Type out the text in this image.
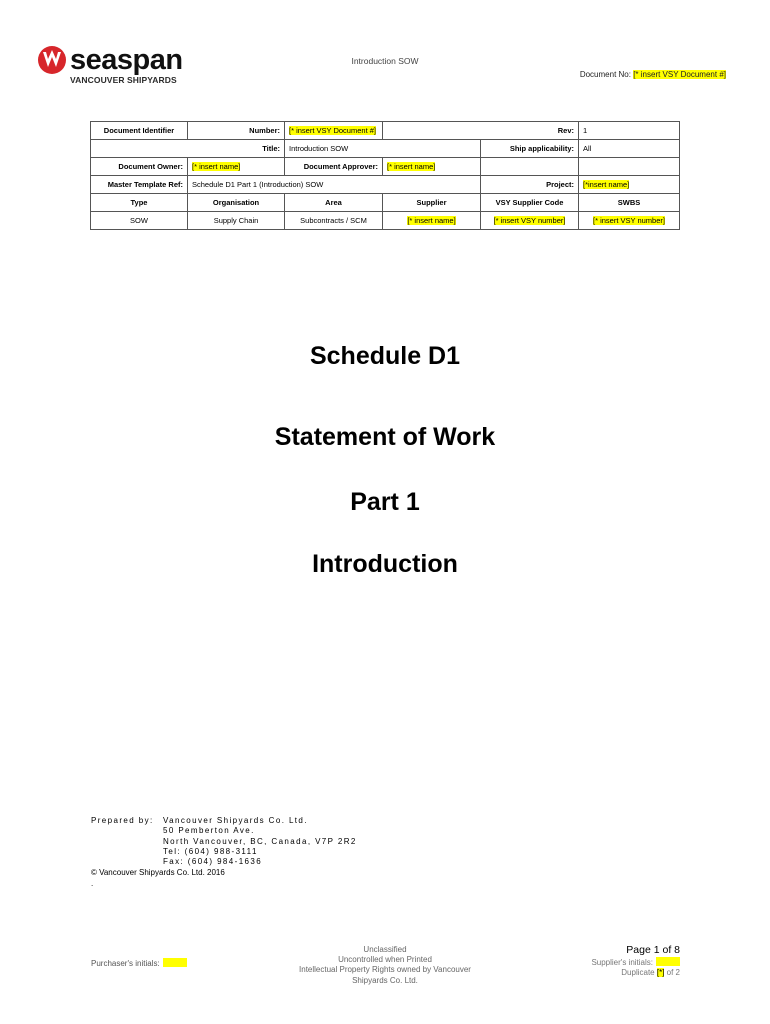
seaspan
VANCOUVER SHIPYARDS
Introduction SOW
Document No: [* insert VSY Document #]
Document Identifier	Number:	[* insert VSY Document #]		Rev:	1
	Title:	Introduction SOW		Ship applicability:	All
Document Owner:	[* insert name]	Document Approver:	[* insert name]		
Master Template Ref:	Schedule D1 Part 1 (Introduction) SOW			Project:	[*insert name]
Type	Organisation	Area	Supplier	VSY Supplier Code	SWBS
SOW	Supply Chain	Subcontracts / SCM	[* insert name]	[* insert VSY number]	[* insert VSY number]
Schedule D1
Statement of Work
Part 1
Introduction
Prepared by: Vancouver Shipyards Co. Ltd.
50 Pemberton Ave.
North Vancouver, BC, Canada, V7P 2R2
Tel: (604) 988-3111
Fax: (604) 984-1636
© Vancouver Shipyards Co. Ltd. 2016
.
Purchaser's initials:
Unclassified
Uncontrolled when Printed
Intellectual Property Rights owned by Vancouver
Shipyards Co. Ltd.
Page 1 of 8
Supplier's initials:
Duplicate [*] of 2
